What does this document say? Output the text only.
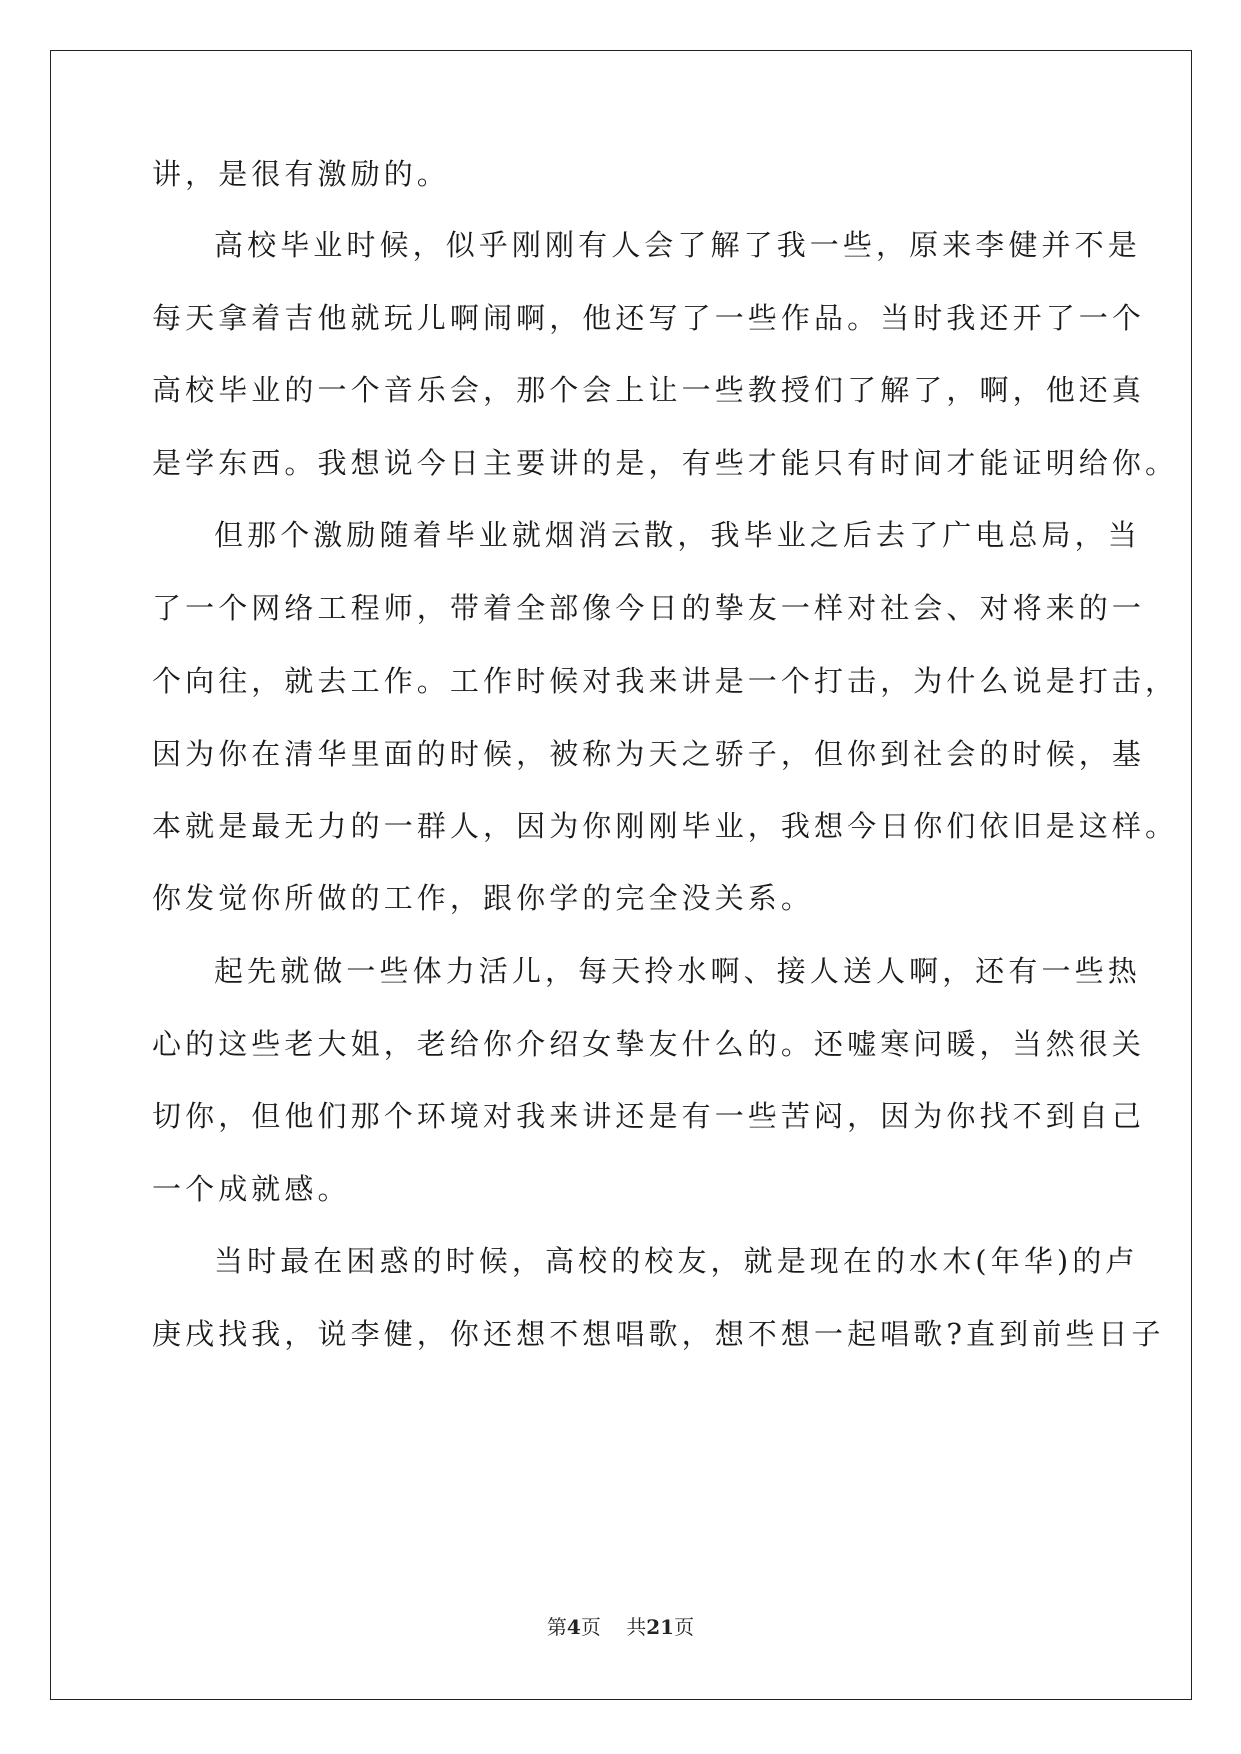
讲，是很有激励的。
高校毕业时候，似乎刚刚有人会了解了我一些，原来李健并不是
每天拿着吉他就玩儿啊闹啊，他还写了一些作品。当时我还开了一个
高校毕业的一个音乐会，那个会上让一些教授们了解了，啊，他还真
是学东西。我想说今日主要讲的是，有些才能只有时间才能证明给你。
但那个激励随着毕业就烟消云散，我毕业之后去了广电总局，当
了一个网络工程师，带着全部像今日的挚友一样对社会、对将来的一
个向往，就去工作。工作时候对我来讲是一个打击，为什么说是打击，
因为你在清华里面的时候，被称为天之骄子，但你到社会的时候，基
本就是最无力的一群人，因为你刚刚毕业，我想今日你们依旧是这样。
你发觉你所做的工作，跟你学的完全没关系。
起先就做一些体力活儿，每天拎水啊、接人送人啊，还有一些热
心的这些老大姐，老给你介绍女挚友什么的。还嘘寒问暖，当然很关
切你，但他们那个环境对我来讲还是有一些苦闷，因为你找不到自己
一个成就感。
当时最在困惑的时候，高校的校友，就是现在的水木(年华)的卢
庚戌找我，说李健，你还想不想唱歌，想不想一起唱歌?直到前些日子
第4页 共21页
